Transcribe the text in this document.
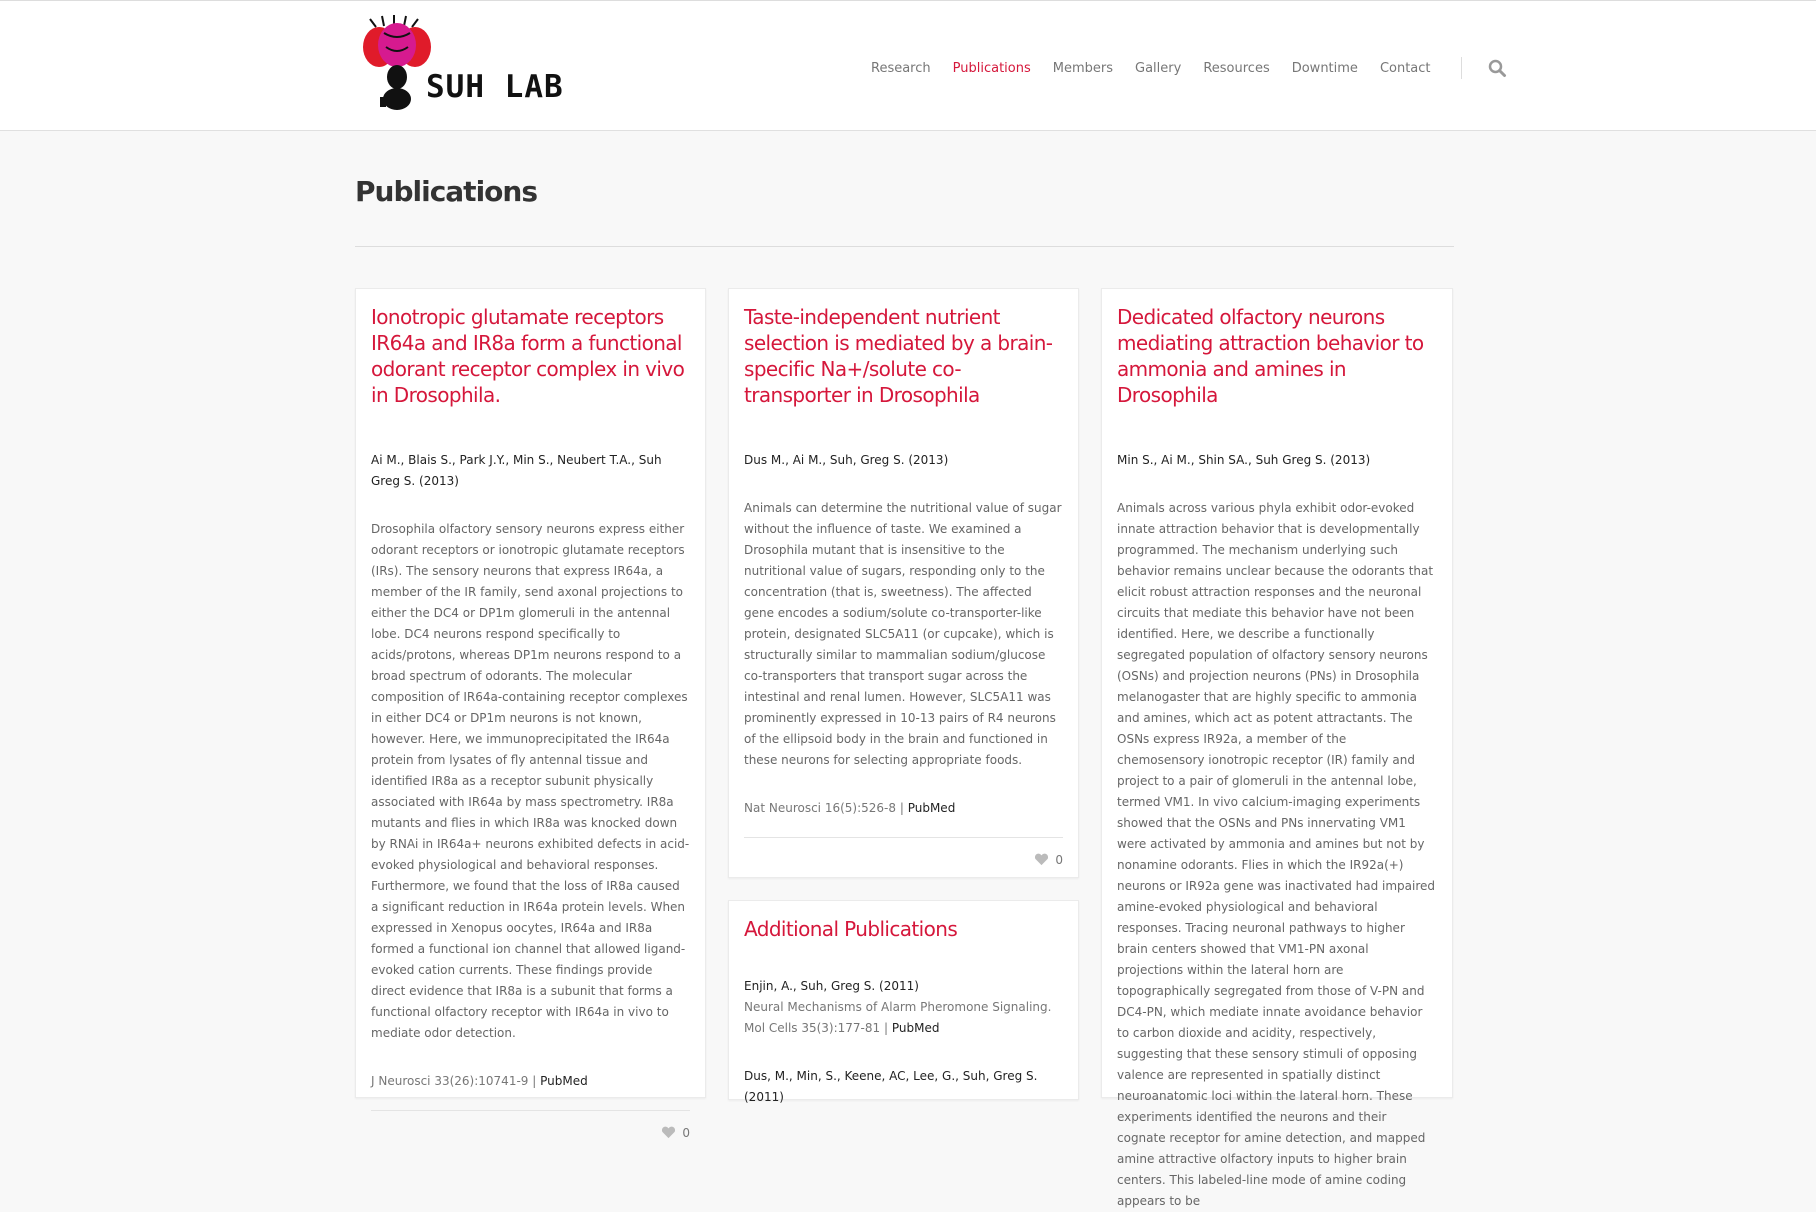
SUH LAB
Research Publications Members Gallery Resources Downtime Contact
Publications
Ionotropic glutamate receptors IR64a and IR8a form a functional odorant receptor complex in vivo in Drosophila.

Ai M., Blais S., Park J.Y., Min S., Neubert T.A., Suh Greg S. (2013)

Drosophila olfactory sensory neurons express either odorant receptors or ionotropic glutamate receptors (IRs). The sensory neurons that express IR64a, a member of the IR family, send axonal projections to either the DC4 or DP1m glomeruli in the antennal lobe. DC4 neurons respond specifically to acids/protons, whereas DP1m neurons respond to a broad spectrum of odorants. The molecular composition of IR64a-containing receptor complexes in either DC4 or DP1m neurons is not known, however. Here, we immunoprecipitated the IR64a protein from lysates of fly antennal tissue and identified IR8a as a receptor subunit physically associated with IR64a by mass spectrometry. IR8a mutants and flies in which IR8a was knocked down by RNAi in IR64a+ neurons exhibited defects in acid-evoked physiological and behavioral responses. Furthermore, we found that the loss of IR8a caused a significant reduction in IR64a protein levels. When expressed in Xenopus oocytes, IR64a and IR8a formed a functional ion channel that allowed ligand-evoked cation currents. These findings provide direct evidence that IR8a is a subunit that forms a functional olfactory receptor with IR64a in vivo to mediate odor detection.

J Neurosci 33(26):10741-9 | PubMed

0
Taste-independent nutrient selection is mediated by a brain-specific Na+/solute co-transporter in Drosophila

Dus M., Ai M., Suh, Greg S. (2013)

Animals can determine the nutritional value of sugar without the influence of taste. We examined a Drosophila mutant that is insensitive to the nutritional value of sugars, responding only to the concentration (that is, sweetness). The affected gene encodes a sodium/solute co-transporter-like protein, designated SLC5A11 (or cupcake), which is structurally similar to mammalian sodium/glucose co-transporters that transport sugar across the intestinal and renal lumen. However, SLC5A11 was prominently expressed in 10-13 pairs of R4 neurons of the ellipsoid body in the brain and functioned in these neurons for selecting appropriate foods.

Nat Neurosci 16(5):526-8 | PubMed

0
Dedicated olfactory neurons mediating attraction behavior to ammonia and amines in Drosophila

Min S., Ai M., Shin SA., Suh Greg S. (2013)

Animals across various phyla exhibit odor-evoked innate attraction behavior that is developmentally programmed. The mechanism underlying such behavior remains unclear because the odorants that elicit robust attraction responses and the neuronal circuits that mediate this behavior have not been identified. Here, we describe a functionally segregated population of olfactory sensory neurons (OSNs) and projection neurons (PNs) in Drosophila melanogaster that are highly specific to ammonia and amines, which act as potent attractants. The OSNs express IR92a, a member of the chemosensory ionotropic receptor (IR) family and project to a pair of glomeruli in the antennal lobe, termed VM1. In vivo calcium-imaging experiments showed that the OSNs and PNs innervating VM1 were activated by ammonia and amines but not by nonamine odorants. Flies in which the IR92a(+) neurons or IR92a gene was inactivated had impaired amine-evoked physiological and behavioral responses. Tracing neuronal pathways to higher brain centers showed that VM1-PN axonal projections within the lateral horn are topographically segregated from those of V-PN and DC4-PN, which mediate innate avoidance behavior to carbon dioxide and acidity, respectively, suggesting that these sensory stimuli of opposing valence are represented in spatially distinct neuroanatomic loci within the lateral horn. These experiments identified the neurons and their cognate receptor for amine detection, and mapped amine attractive olfactory inputs to higher brain centers. This labeled-line mode of amine coding appears to be

Additional Publications

Enjin, A., Suh, Greg S. (2011)

Neural Mechanisms of Alarm Pheromone Signaling.

Mol Cells 35(3):177-81 | PubMed

Dus, M., Min, S., Keene, AC, Lee, G., Suh, Greg S. (2011)
